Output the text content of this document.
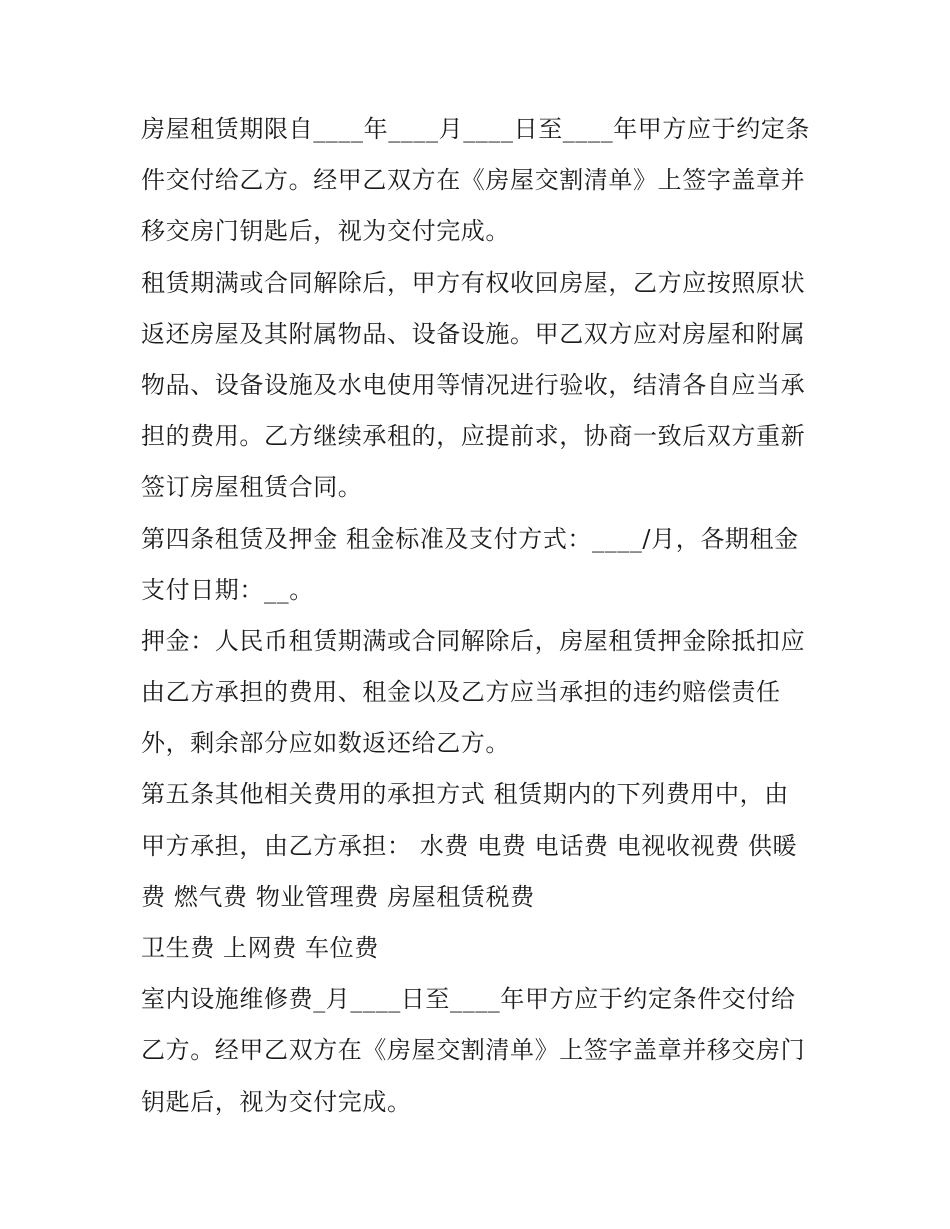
房屋租赁期限自____年____月____日至____年甲方应于约定条
件交付给乙方。经甲乙双方在《房屋交割清单》上签字盖章并
移交房门钥匙后，视为交付完成。
租赁期满或合同解除后，甲方有权收回房屋，乙方应按照原状
返还房屋及其附属物品、设备设施。甲乙双方应对房屋和附属
物品、设备设施及水电使用等情况进行验收，结清各自应当承
担的费用。乙方继续承租的，应提前求，协商一致后双方重新
签订房屋租赁合同。
第四条租赁及押金 租金标准及支付方式：____/月，各期租金
支付日期：__。
押金：人民币租赁期满或合同解除后，房屋租赁押金除抵扣应
由乙方承担的费用、租金以及乙方应当承担的违约赔偿责任
外，剩余部分应如数返还给乙方。
第五条其他相关费用的承担方式 租赁期内的下列费用中，由
甲方承担，由乙方承担： 水费 电费 电话费 电视收视费 供暖
费 燃气费 物业管理费 房屋租赁税费
卫生费 上网费 车位费
室内设施维修费_月____日至____年甲方应于约定条件交付给
乙方。经甲乙双方在《房屋交割清单》上签字盖章并移交房门
钥匙后，视为交付完成。
